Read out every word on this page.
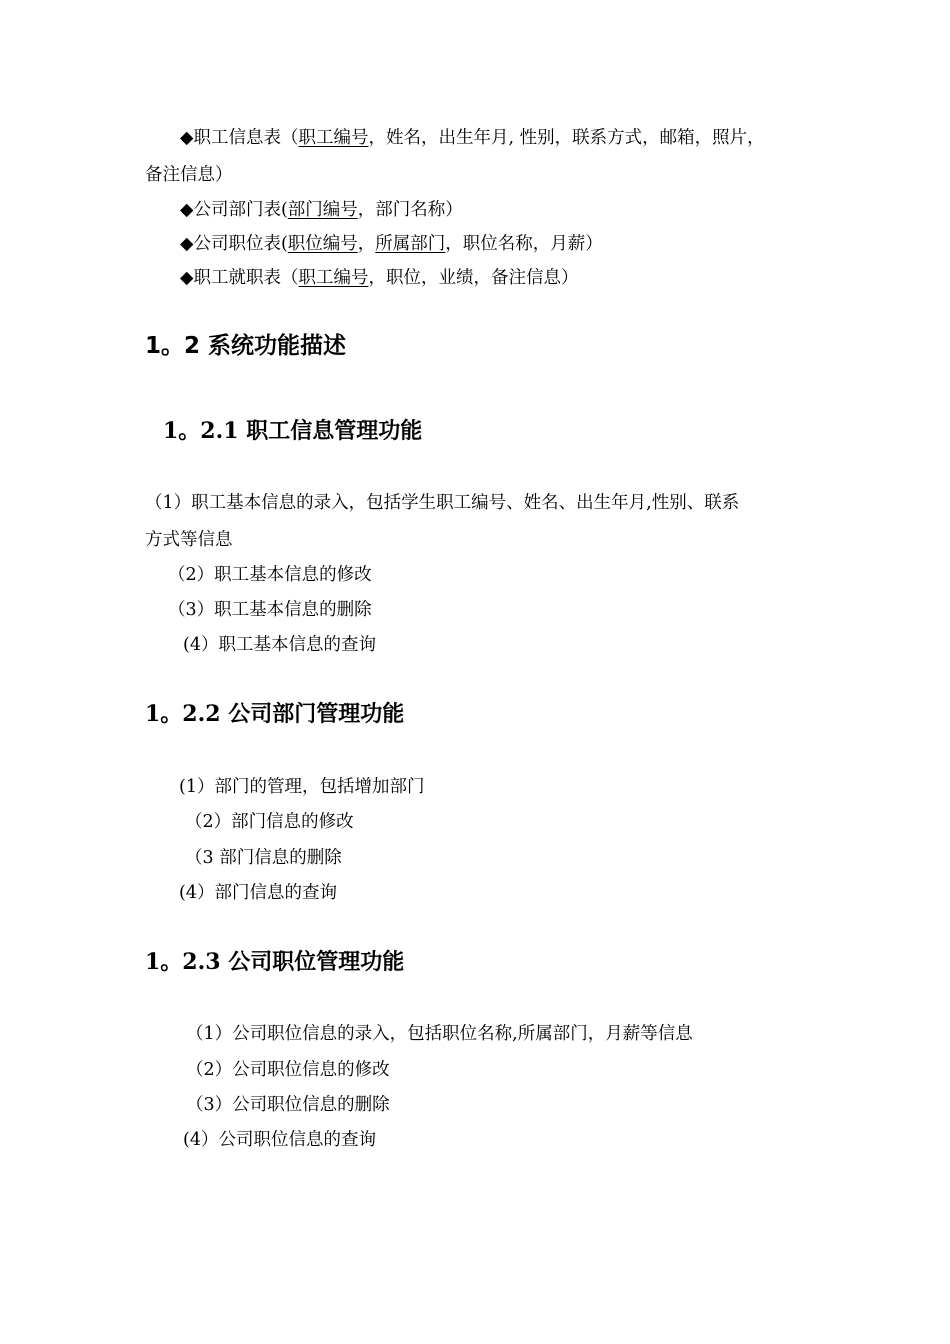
◆职工信息表（职工编号，姓名，出生年月, 性别，联系方式，邮箱，照片，
备注信息）
◆公司部门表(部门编号，部门名称）
◆公司职位表(职位编号，所属部门，职位名称，月薪）
◆职工就职表（职工编号，职位，业绩，备注信息）
1。2 系统功能描述
1。2.1 职工信息管理功能
（1）职工基本信息的录入，包括学生职工编号、姓名、出生年月,性别、联系
方式等信息
（2）职工基本信息的修改
（3）职工基本信息的删除
(4）职工基本信息的查询
1。2.2 公司部门管理功能
(1）部门的管理，包括增加部门
（2）部门信息的修改
（3 部门信息的删除
(4）部门信息的查询
1。2.3 公司职位管理功能
（1）公司职位信息的录入，包括职位名称,所属部门，月薪等信息
（2）公司职位信息的修改
（3）公司职位信息的删除
(4）公司职位信息的查询
